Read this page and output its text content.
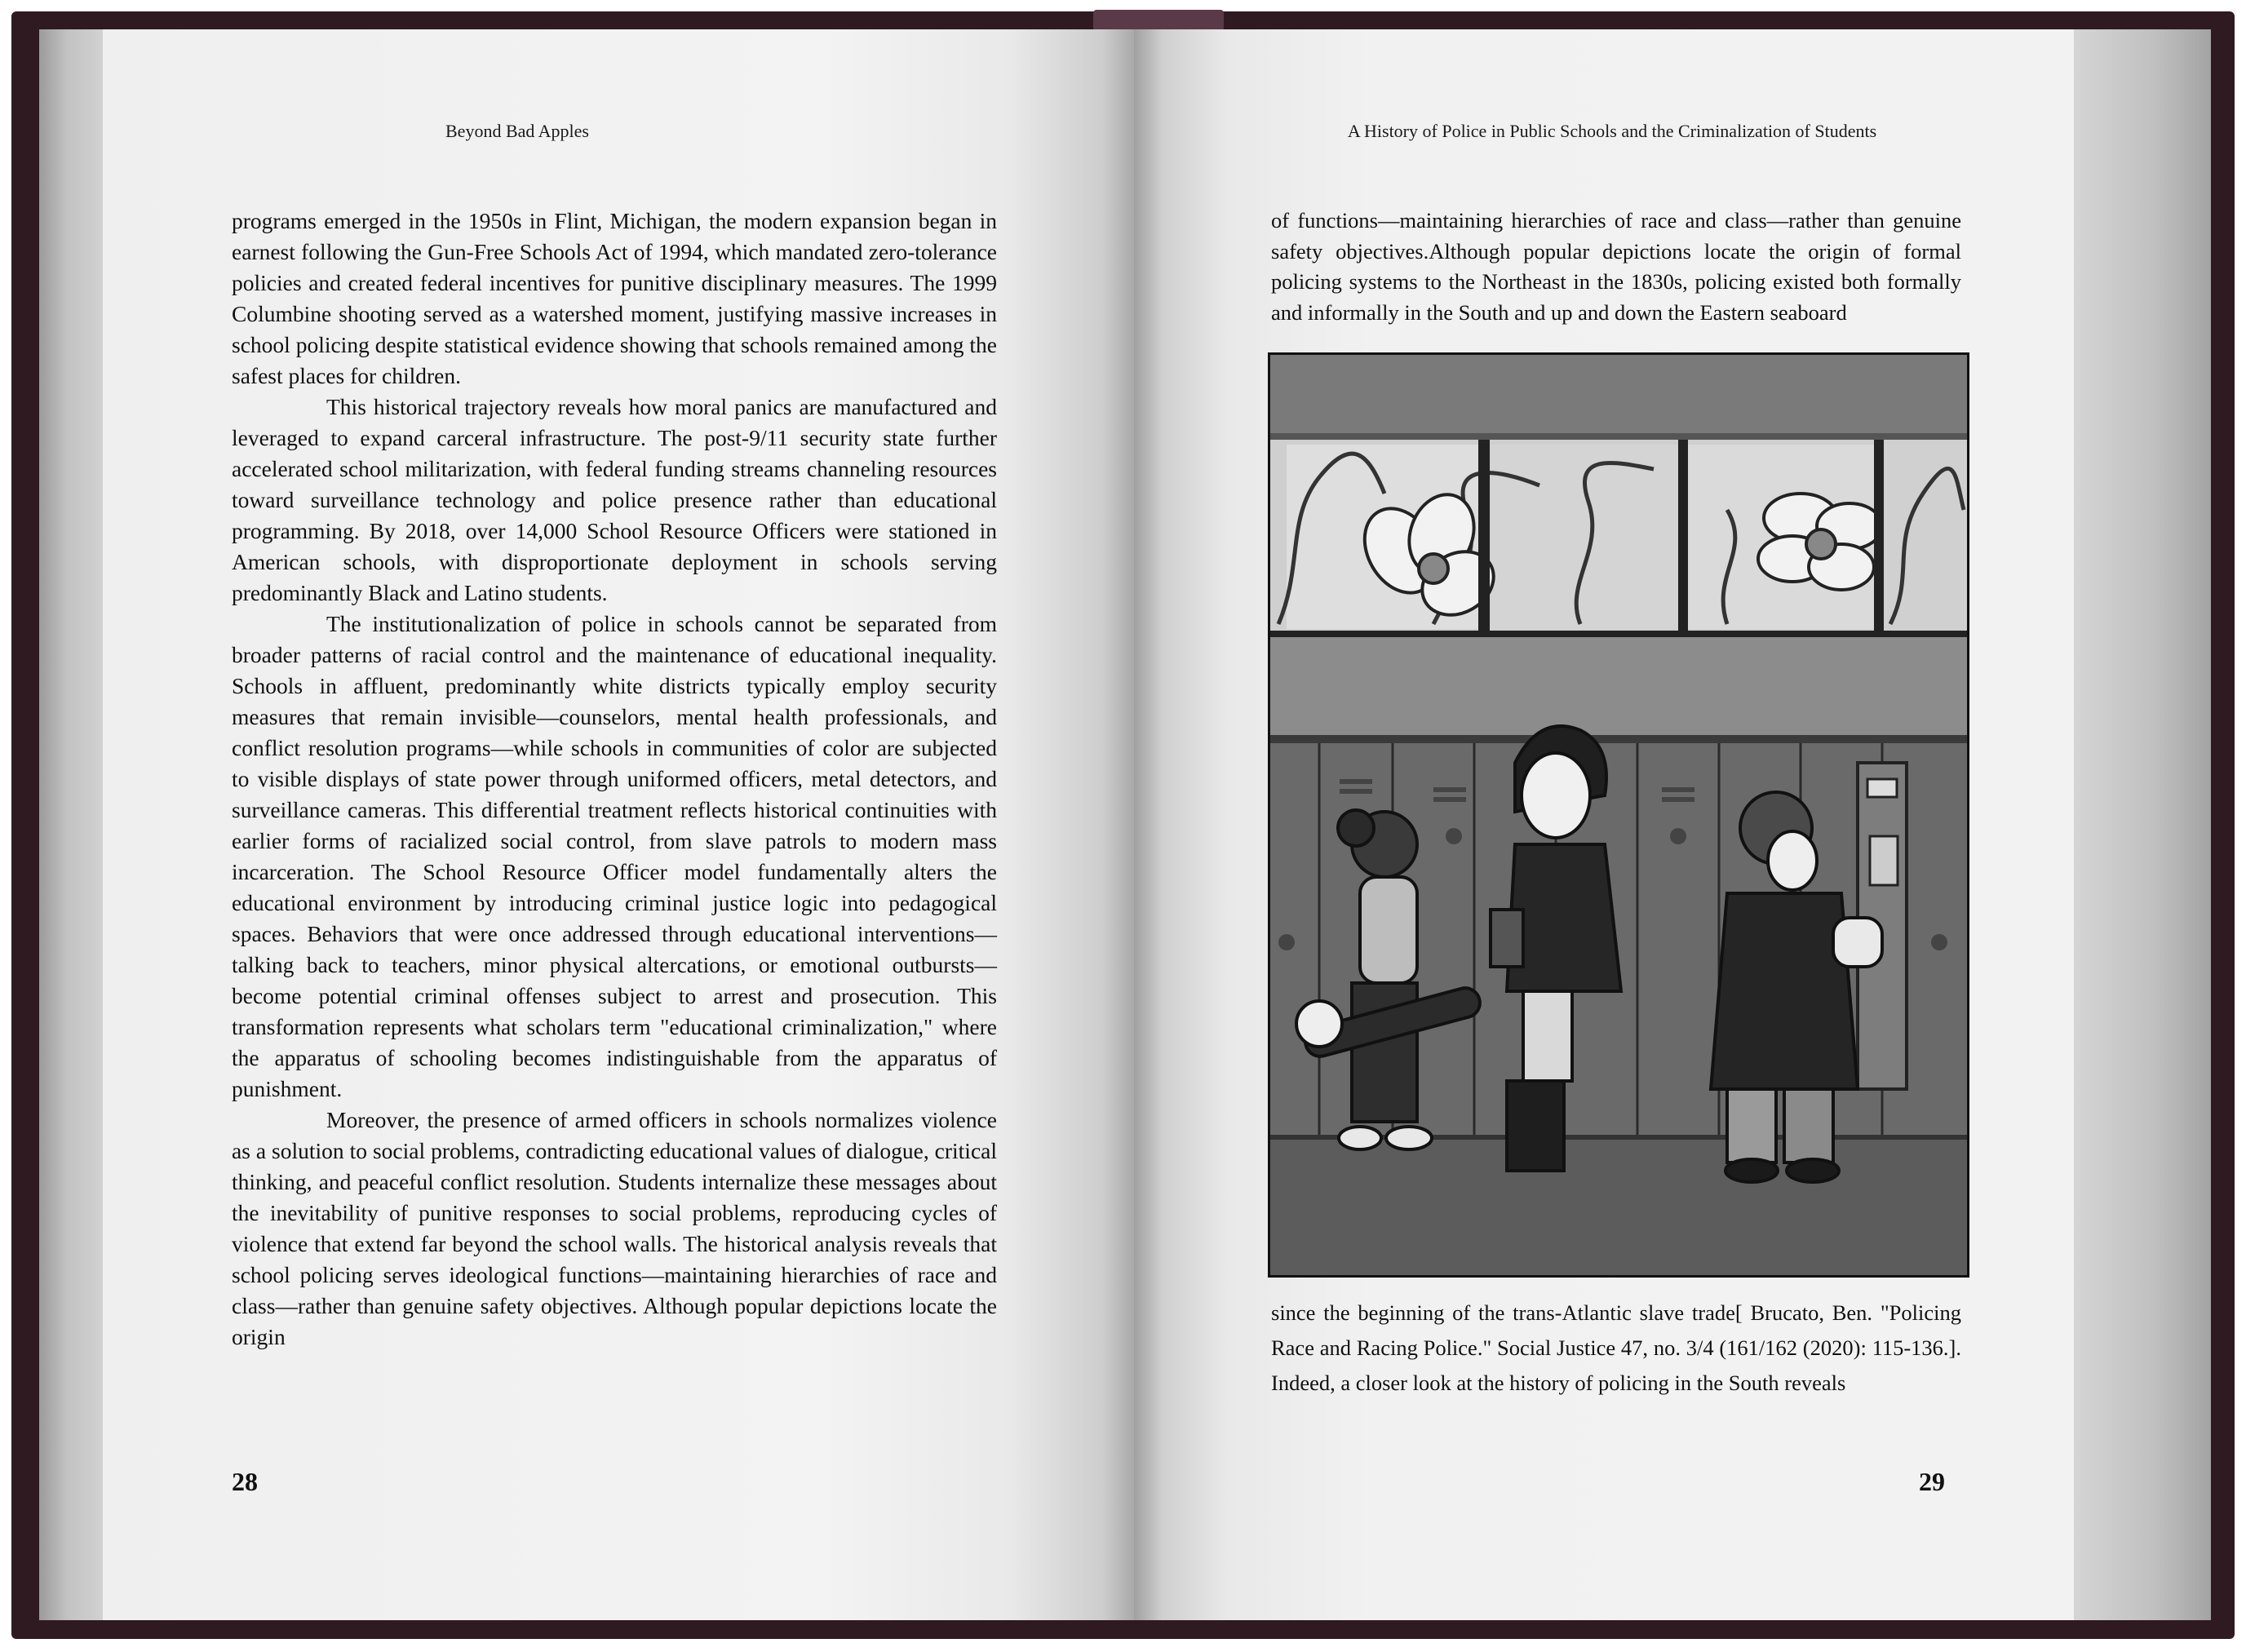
Beyond Bad Apples

programs emerged in the 1950s in Flint, Michigan, the modern expansion began in earnest following the Gun-Free Schools Act of 1994, which mandated zero-tolerance policies and created federal incentives for punitive disciplinary measures. The 1999 Columbine shooting served as a watershed moment, justifying massive increases in school policing despite statistical evidence showing that schools remained among the safest places for children.

This historical trajectory reveals how moral panics are manufactured and leveraged to expand carceral infrastructure. The post-9/11 security state further accelerated school militarization, with federal funding streams channeling resources toward surveillance technology and police presence rather than educational programming. By 2018, over 14,000 School Resource Officers were stationed in American schools, with disproportionate deployment in schools serving predominantly Black and Latino students.

The institutionalization of police in schools cannot be separated from broader patterns of racial control and the maintenance of educational inequality. Schools in affluent, predominantly white districts typically employ security measures that remain invisible—counselors, mental health professionals, and conflict resolution programs—while schools in communities of color are subjected to visible displays of state power through uniformed officers, metal detectors, and surveillance cameras. This differential treatment reflects historical continuities with earlier forms of racialized social control, from slave patrols to modern mass incarceration. The School Resource Officer model fundamentally alters the educational environment by introducing criminal justice logic into pedagogical spaces. Behaviors that were once addressed through educational interventions—talking back to teachers, minor physical altercations, or emotional outbursts—become potential criminal offenses subject to arrest and prosecution. This transformation represents what scholars term "educational criminalization," where the apparatus of schooling becomes indistinguishable from the apparatus of punishment.

Moreover, the presence of armed officers in schools normalizes violence as a solution to social problems, contradicting educational values of dialogue, critical thinking, and peaceful conflict resolution. Students internalize these messages about the inevitability of punitive responses to social problems, reproducing cycles of violence that extend far beyond the school walls. The historical analysis reveals that school policing serves ideological functions—maintaining hierarchies of race and class—rather than genuine safety objectives. Although popular depictions locate the origin

28
A History of Police in Public Schools and the Criminalization of Students

of functions—maintaining hierarchies of race and class—rather than genuine safety objectives.Although popular depictions locate the origin of formal policing systems to the Northeast in the 1830s, policing existed both formally and informally in the South and up and down the Eastern seaboard

since the beginning of the trans-Atlantic slave trade[ Brucato, Ben. "Policing Race and Racing Police." Social Justice 47, no. 3/4 (161/162 (2020): 115-136.]. Indeed, a closer look at the history of policing in the South reveals

29
